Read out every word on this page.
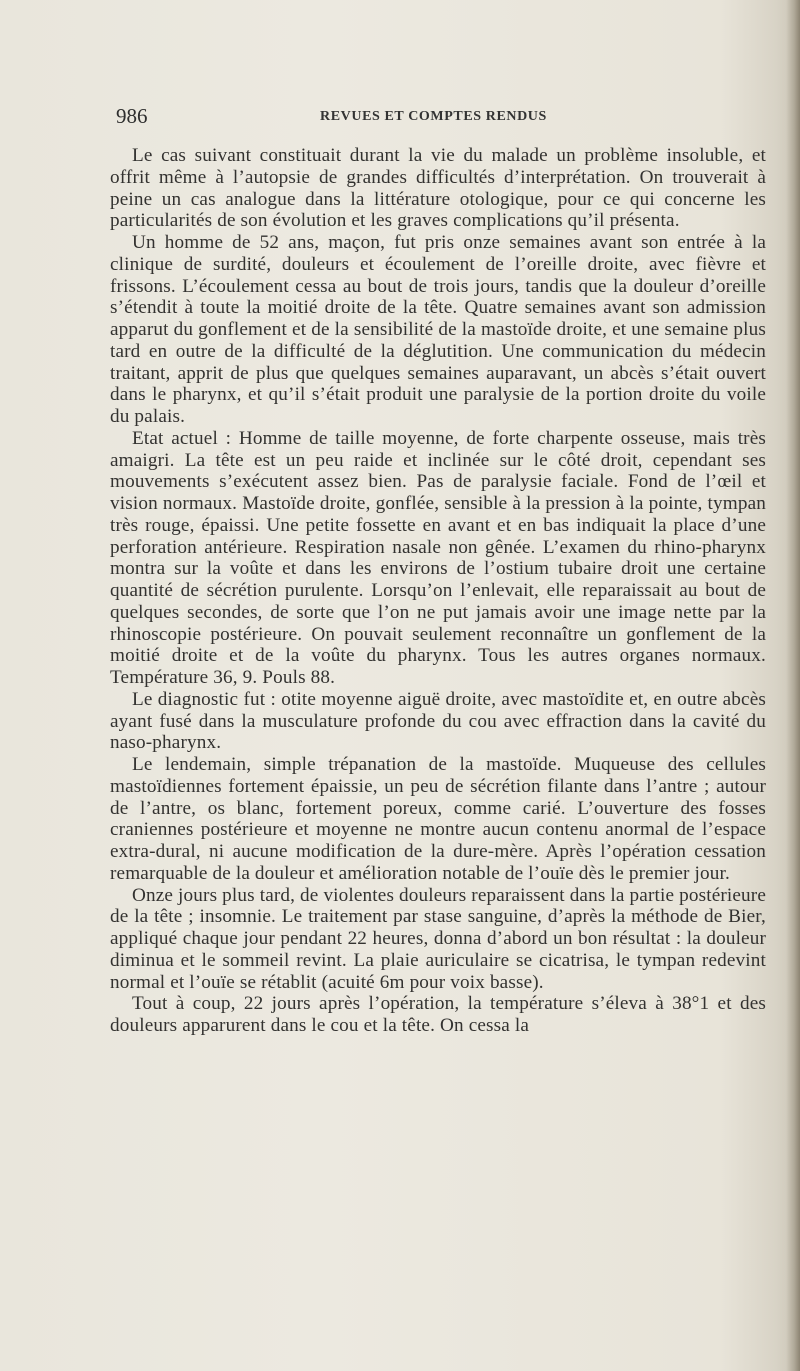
986	REVUES ET COMPTES RENDUS

Le cas suivant constituait durant la vie du malade un problème insoluble, et offrit même à l’autopsie de grandes difficultés d’interprétation. On trouverait à peine un cas analogue dans la littérature otologique, pour ce qui concerne les particularités de son évolution et les graves complications qu’il présenta.

Un homme de 52 ans, maçon, fut pris onze semaines avant son entrée à la clinique de surdité, douleurs et écoulement de l’oreille droite, avec fièvre et frissons. L’écoulement cessa au bout de trois jours, tandis que la douleur d’oreille s’étendit à toute la moitié droite de la tête. Quatre semaines avant son admission apparut du gonflement et de la sensibilité de la mastoïde droite, et une semaine plus tard en outre de la difficulté de la déglutition. Une communication du médecin traitant, apprit de plus que quelques semaines auparavant, un abcès s’était ouvert dans le pharynx, et qu’il s’était produit une paralysie de la portion droite du voile du palais.

Etat actuel : Homme de taille moyenne, de forte charpente osseuse, mais très amaigri. La tête est un peu raide et inclinée sur le côté droit, cependant ses mouvements s’exécutent assez bien. Pas de paralysie faciale. Fond de l’œil et vision normaux. Mastoïde droite, gonflée, sensible à la pression à la pointe, tympan très rouge, épaissi. Une petite fossette en avant et en bas indiquait la place d’une perforation antérieure. Respiration nasale non gênée. L’examen du rhino-pharynx montra sur la voûte et dans les environs de l’ostium tubaire droit une certaine quantité de sécrétion purulente. Lorsqu’on l’enlevait, elle reparaissait au bout de quelques secondes, de sorte que l’on ne put jamais avoir une image nette par la rhinoscopie postérieure. On pouvait seulement reconnaître un gonflement de la moitié droite et de la voûte du pharynx. Tous les autres organes normaux. Température 36, 9. Pouls 88.

Le diagnostic fut : otite moyenne aiguë droite, avec mastoïdite et, en outre abcès ayant fusé dans la musculature profonde du cou avec effraction dans la cavité du naso-pharynx.

Le lendemain, simple trépanation de la mastoïde. Muqueuse des cellules mastoïdiennes fortement épaissie, un peu de sécrétion filante dans l’antre ; autour de l’antre, os blanc, fortement poreux, comme carié. L’ouverture des fosses craniennes postérieure et moyenne ne montre aucun contenu anormal de l’espace extra-dural, ni aucune modification de la dure-mère. Après l’opération cessation remarquable de la douleur et amélioration notable de l’ouïe dès le premier jour.

Onze jours plus tard, de violentes douleurs reparaissent dans la partie postérieure de la tête ; insomnie. Le traitement par stase sanguine, d’après la méthode de Bier, appliqué chaque jour pendant 22 heures, donna d’abord un bon résultat : la douleur diminua et le sommeil revint. La plaie auriculaire se cicatrisa, le tympan redevint normal et l’ouïe se rétablit (acuité 6m pour voix basse).

Tout à coup, 22 jours après l’opération, la température s’éleva à 38°1 et des douleurs apparurent dans le cou et la tête. On cessa la
